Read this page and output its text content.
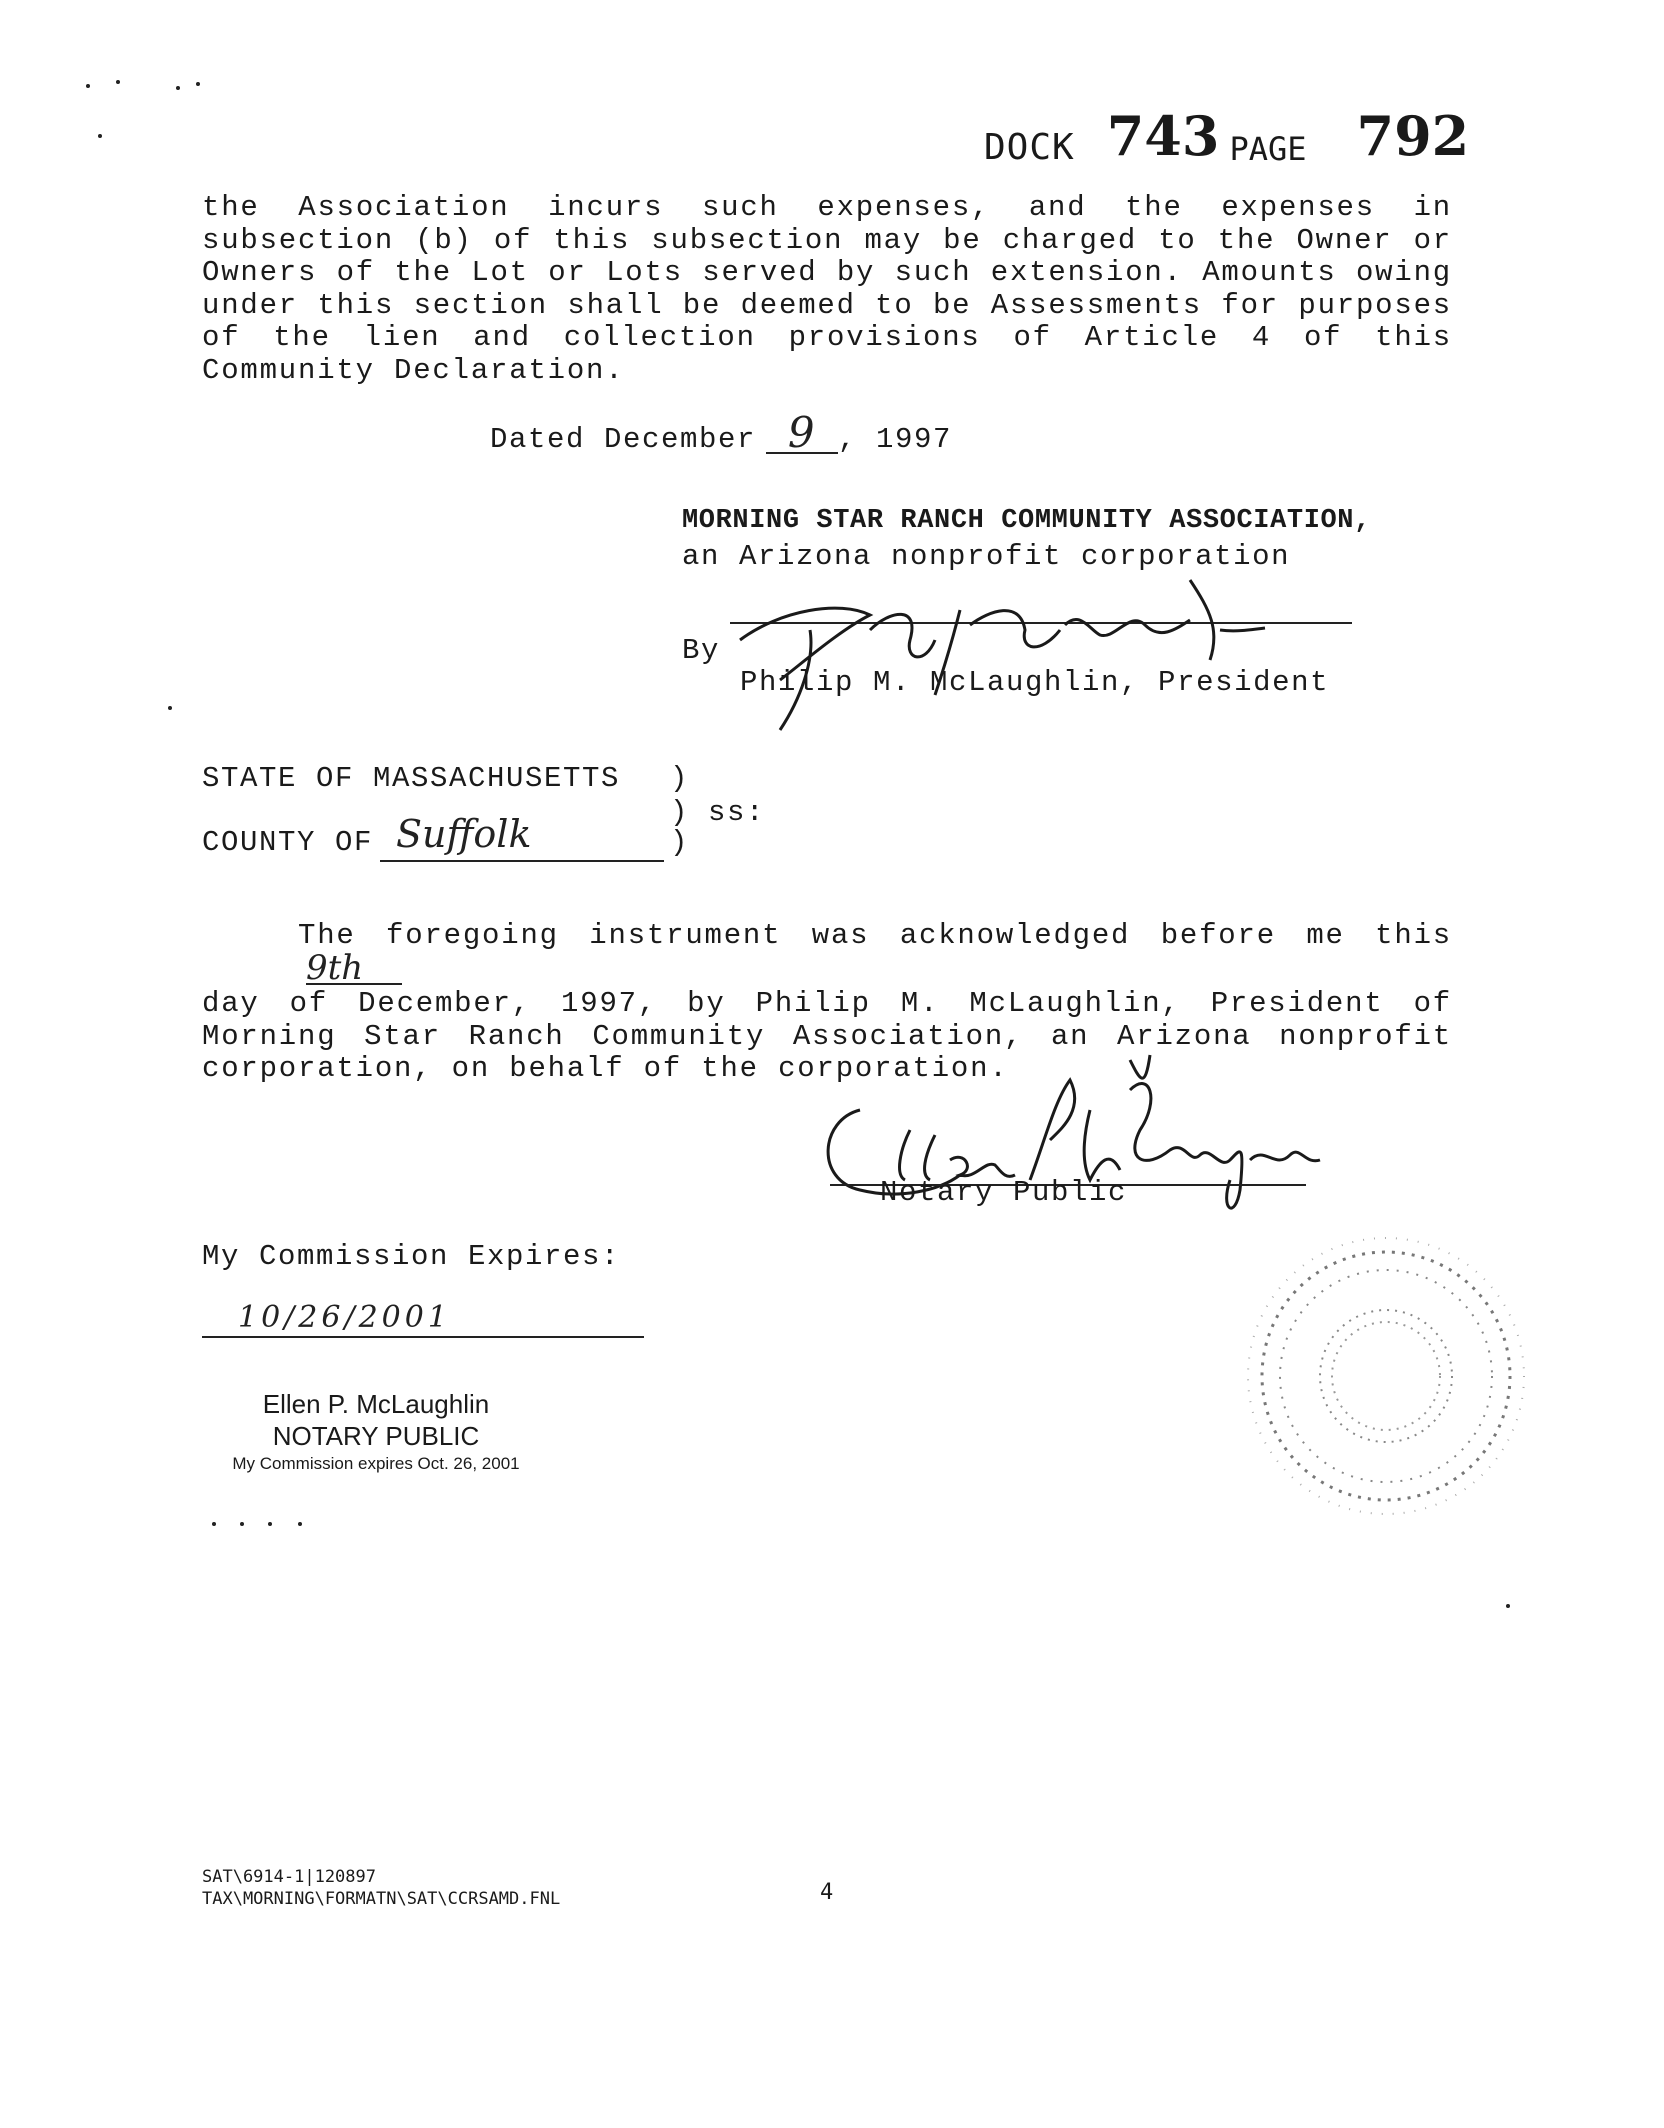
DOCK 743 PAGE 792
the Association incurs such expenses, and the expenses in
subsection (b) of this subsection may be charged to the Owner or
Owners of the Lot or Lots served by such extension. Amounts owing
under this section shall be deemed to be Assessments for purposes
of the lien and collection provisions of Article 4 of this
Community Declaration.
Dated December 9 , 1997
MORNING STAR RANCH COMMUNITY ASSOCIATION,
an Arizona nonprofit corporation
By
Philip M. McLaughlin, President
STATE OF MASSACHUSETTS )
) ss:
)
COUNTY OF Suffolk
The foregoing instrument was acknowledged before me this 9th
day of December, 1997, by Philip M. McLaughlin, President of
Morning Star Ranch Community Association, an Arizona nonprofit
corporation, on behalf of the corporation.
Notary Public
My Commission Expires:
10/26/2001
Ellen P. McLaughlin
NOTARY PUBLIC
My Commission expires Oct. 26, 2001
SAT\6914-1|120897
TAX\MORNING\FORMATN\SAT\CCRSAMD.FNL	4
